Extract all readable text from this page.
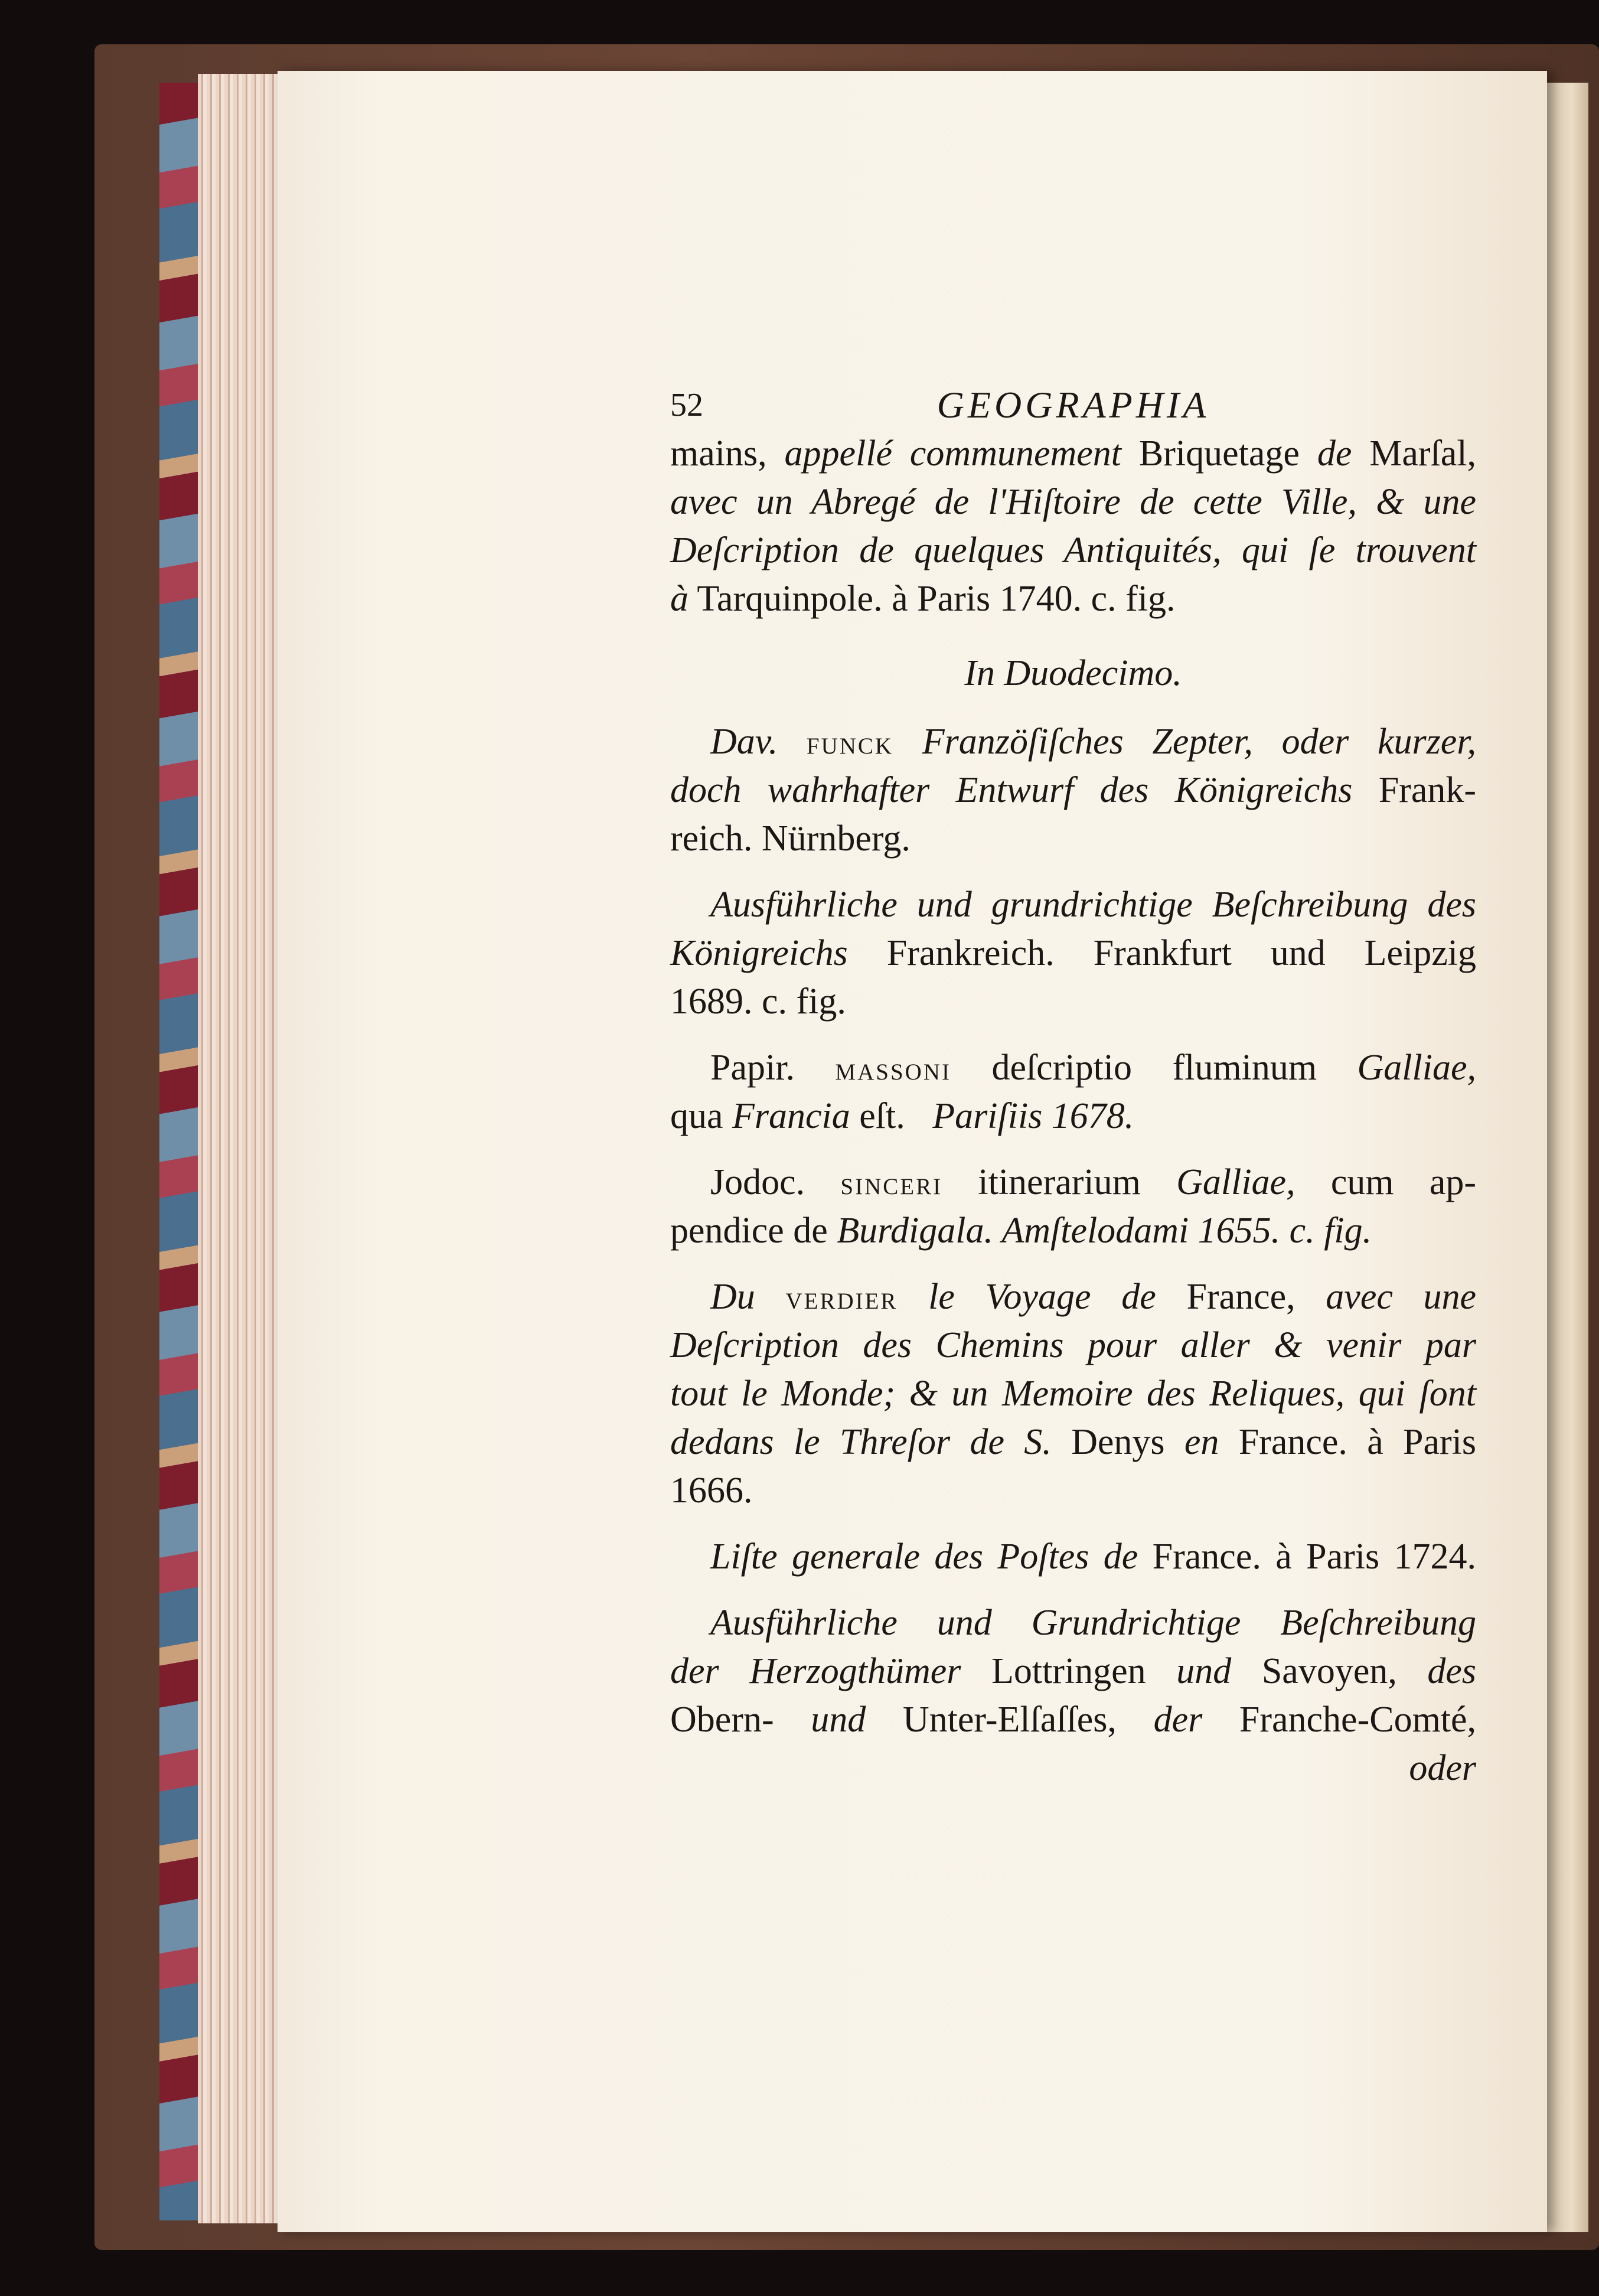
52	GEOGRAPHIA
mains, appellé communement Briquetage de Marſal,
avec un Abregé de l'Hiſtoire de cette Ville, & une
Deſcription de quelques Antiquités, qui ſe trouvent
à Tarquinpole. à Paris 1740. c. fig.
In Duodecimo.
Dav. funck Franzöſiſches Zepter, oder kurzer,
doch wahrhafter Entwurf des Königreichs Frank-
reich. Nürnberg.
Ausführliche und grundrichtige Beſchreibung des
Königreichs Frankreich. Frankfurt und Leipzig
1689. c. fig.
Papir. massoni deſcriptio fluminum Galliae,
qua Francia eſt. Pariſiis 1678.
Jodoc. sinceri itinerarium Galliae, cum ap-
pendice de Burdigala. Amſtelodami 1655. c. fig.
Du verdier le Voyage de France, avec une
Deſcription des Chemins pour aller & venir par
tout le Monde; & un Memoire des Reliques, qui ſont
dedans le Threſor de S. Denys en France. à Paris
1666.
Liſte generale des Poſtes de France. à Paris 1724.
Ausführliche und Grundrichtige Beſchreibung
der Herzogthümer Lottringen und Savoyen, des
Obern- und Unter-Elſaſſes, der Franche-Comté,
oder
